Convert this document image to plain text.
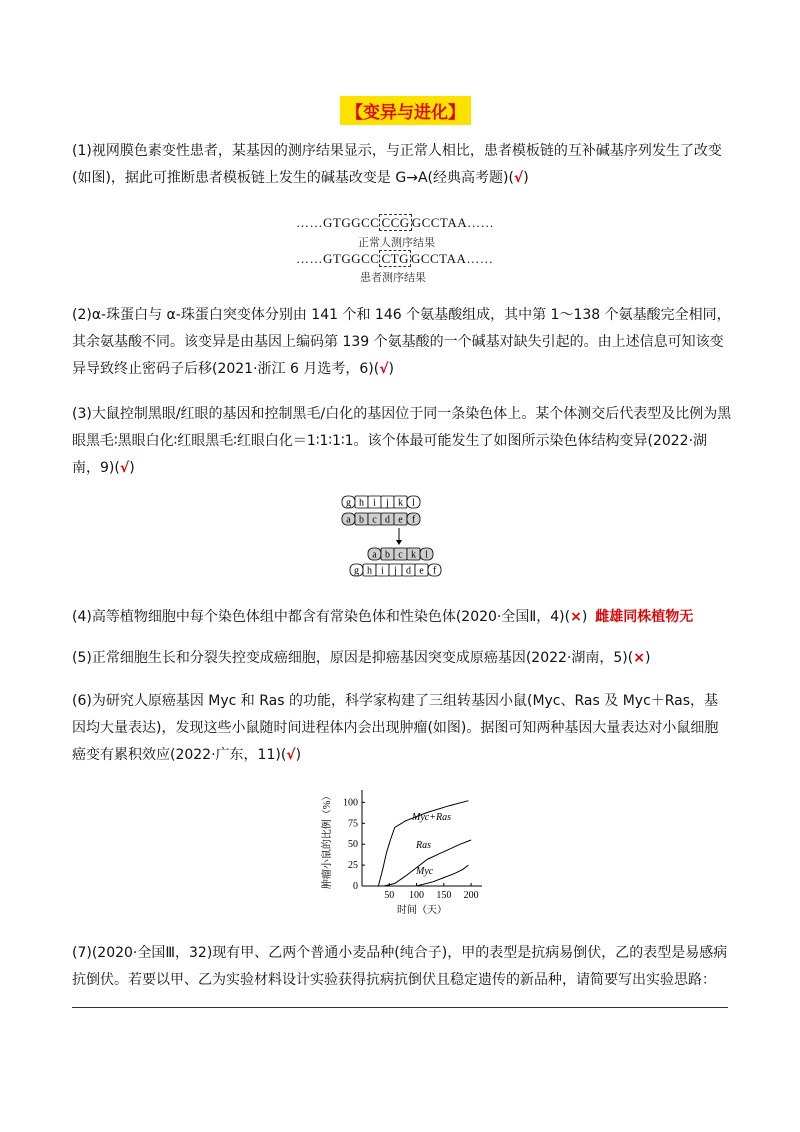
【变异与进化】
(1)视网膜色素变性患者，某基因的测序结果显示，与正常人相比，患者模板链的互补碱基序列发生了改变(如图)，据此可推断患者模板链上发生的碱基改变是 G→A(经典高考题)(√)
……GTGGCC CCG GCCTAA……
正常人测序结果
……GTGGCC CTG GCCTAA……
患者测序结果
(2)α-珠蛋白与 α-珠蛋白突变体分别由 141 个和 146 个氨基酸组成，其中第 1～138 个氨基酸完全相同，其余氨基酸不同。该变异是由基因上编码第 139 个氨基酸的一个碱基对缺失引起的。由上述信息可知该变异导致终止密码子后移(2021·浙江 6 月选考，6)(√)
(3)大鼠控制黑眼/红眼的基因和控制黑毛/白化的基因位于同一条染色体上。某个体测交后代表型及比例为黑眼黑毛∶黑眼白化∶红眼黑毛∶红眼白化＝1∶1∶1∶1。该个体最可能发生了如图所示染色体结构变异(2022·湖南，9)(√)
g h i j k l
a b c d e f
a b c k l
g h i j d e f
(4)高等植物细胞中每个染色体组中都含有常染色体和性染色体(2020·全国Ⅱ，4)(×) 雌雄同株植物无
(5)正常细胞生长和分裂失控变成癌细胞，原因是抑癌基因突变成原癌基因(2022·湖南，5)(×)
(6)为研究人原癌基因 Myc 和 Ras 的功能，科学家构建了三组转基因小鼠(Myc、Ras 及 Myc＋Ras，基因均大量表达)，发现这些小鼠随时间进程体内会出现肿瘤(如图)。据图可知两种基因大量表达对小鼠细胞癌变有累积效应(2022·广东，11)(√)
0
25
50
75
100
50 100 150 200
时间（天）
肿瘤小鼠的比例（%）	Myc+Ras
Ras
Myc
(7)(2020·全国Ⅲ，32)现有甲、乙两个普通小麦品种(纯合子)，甲的表型是抗病易倒伏，乙的表型是易感病抗倒伏。若要以甲、乙为实验材料设计实验获得抗病抗倒伏且稳定遗传的新品种，请简要写出实验思路：
